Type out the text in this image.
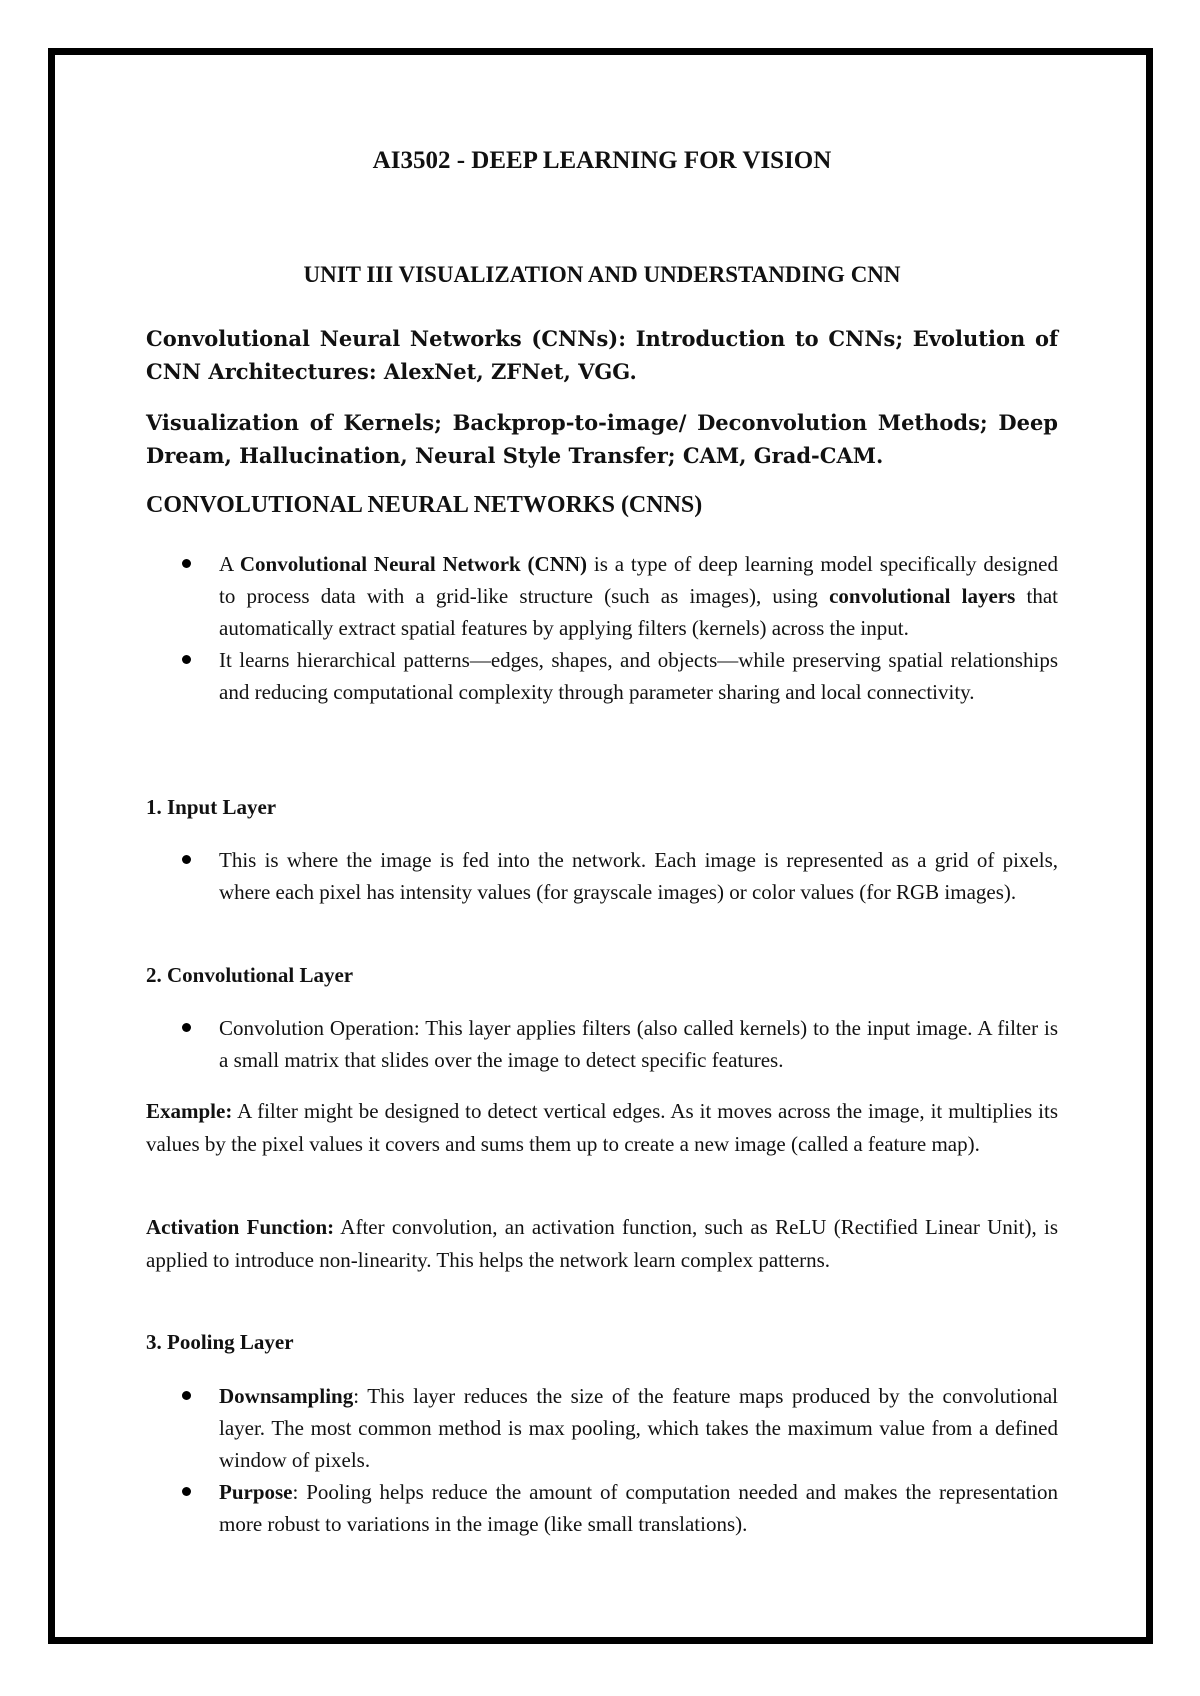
AI3502 - DEEP LEARNING FOR VISION
UNIT III VISUALIZATION AND UNDERSTANDING CNN
Convolutional Neural Networks (CNNs): Introduction to CNNs; Evolution of CNN Architectures: AlexNet, ZFNet, VGG.
Visualization of Kernels; Backprop-to-image/ Deconvolution Methods; Deep Dream, Hallucination, Neural Style Transfer; CAM, Grad-CAM.
CONVOLUTIONAL NEURAL NETWORKS (CNNS)
A Convolutional Neural Network (CNN) is a type of deep learning model specifically designed to process data with a grid-like structure (such as images), using convolutional layers that automatically extract spatial features by applying filters (kernels) across the input.
It learns hierarchical patterns—edges, shapes, and objects—while preserving spatial relationships and reducing computational complexity through parameter sharing and local connectivity.
1. Input Layer
This is where the image is fed into the network. Each image is represented as a grid of pixels, where each pixel has intensity values (for grayscale images) or color values (for RGB images).
2. Convolutional Layer
Convolution Operation: This layer applies filters (also called kernels) to the input image. A filter is a small matrix that slides over the image to detect specific features.
Example: A filter might be designed to detect vertical edges. As it moves across the image, it multiplies its values by the pixel values it covers and sums them up to create a new image (called a feature map).
Activation Function: After convolution, an activation function, such as ReLU (Rectified Linear Unit), is applied to introduce non-linearity. This helps the network learn complex patterns.
3. Pooling Layer
Downsampling: This layer reduces the size of the feature maps produced by the convolutional layer. The most common method is max pooling, which takes the maximum value from a defined window of pixels.
Purpose: Pooling helps reduce the amount of computation needed and makes the representation more robust to variations in the image (like small translations).
